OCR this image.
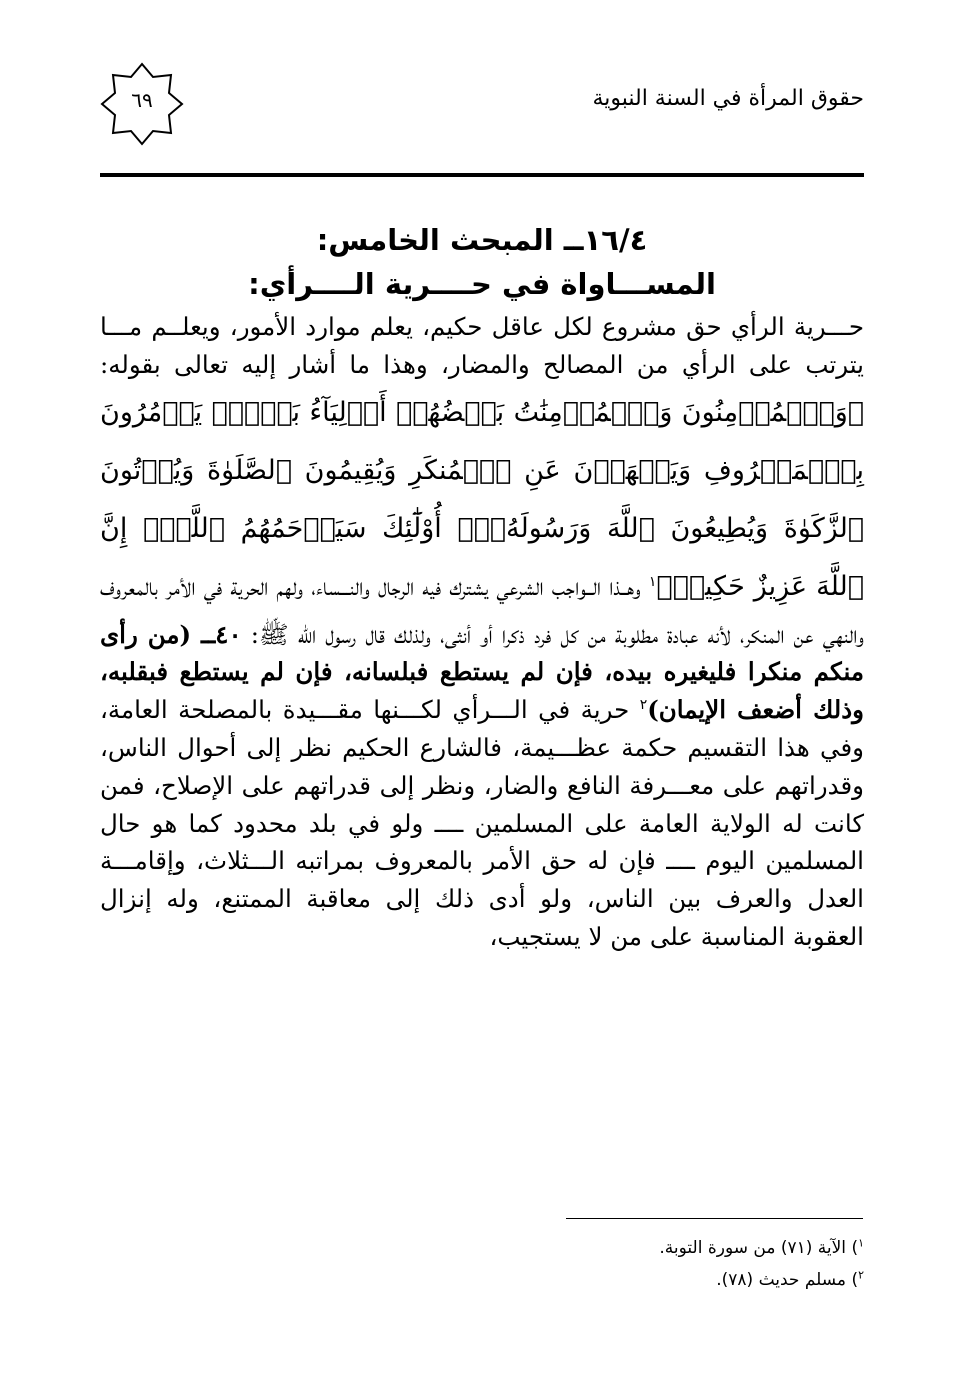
حقوق المرأة في السنة النبوية
٦٩
١٦/٤ــ المبحث الخامس:
المســـاواة في حــــرية الــــرأي:

حـــرية الرأي حق مشروع لكل عاقل حكيم، يعلم موارد الأمور، ويعلــم مـــا يترتب على الرأي من المصالح والمضار، وهذا ما أشار إليه تعالى بقوله: ﴿وَٱلۡمُؤۡمِنُونَ وَٱلۡمُؤۡمِنَٰتُ بَعۡضُهُمۡ أَوۡلِيَآءُ بَعۡضٖۚ يَأۡمُرُونَ بِٱلۡمَعۡرُوفِ وَيَنۡهَوۡنَ عَنِ ٱلۡمُنكَرِ وَيُقِيمُونَ ٱلصَّلَوٰةَ وَيُؤۡتُونَ ٱلزَّكَوٰةَ وَيُطِيعُونَ ٱللَّهَ وَرَسُولَهُۥٓۚ أُوْلَٰٓئِكَ سَيَرۡحَمُهُمُ ٱللَّهُۗ إِنَّ ٱللَّهَ عَزِيزٌ حَكِيمٞ﴾$^١$ وهــذا الــواجب الشرعي يشترك فيه الرجال والنـــساء، ولهم الحرية في الأمر بالمعروف والنهي عن المنكر، لأنه عبادة مطلوبة من كل فرد ذكرا أو أنثى، ولذلك قال رسول الله ﷺ: ٤٠ــ (من رأى منكم منكرا فليغيره بيده، فإن لم يستطع فبلسانه، فإن لم يستطع فبقلبه، وذلك أضعف الإيمان)$^٢$ حرية في الـــرأي لكـــنها مقـــيدة بالمصلحة العامة، وفي هذا التقسيم حكمة عظـــيمة، فالشارع الحكيم نظر إلى أحوال الناس، وقدراتهم على معـــرفة النافع والضار، ونظر إلى قدراتهم على الإصلاح، فمن كانت له الولاية العامة على المسلمين ــــ ولو في بلد محدود كما هو حال المسلمين اليوم ــــ فإن له حق الأمر بالمعروف بمراتبه الـــثلاث، وإقامـــة العدل والعرف بين الناس، ولو أدى ذلك إلى معاقبة الممتنع، وله إنزال العقوبة المناسبة على من لا يستجيب،

$^١$) الآية (٧١) من سورة التوبة.
$^٢$) مسلم حديث (٧٨).
